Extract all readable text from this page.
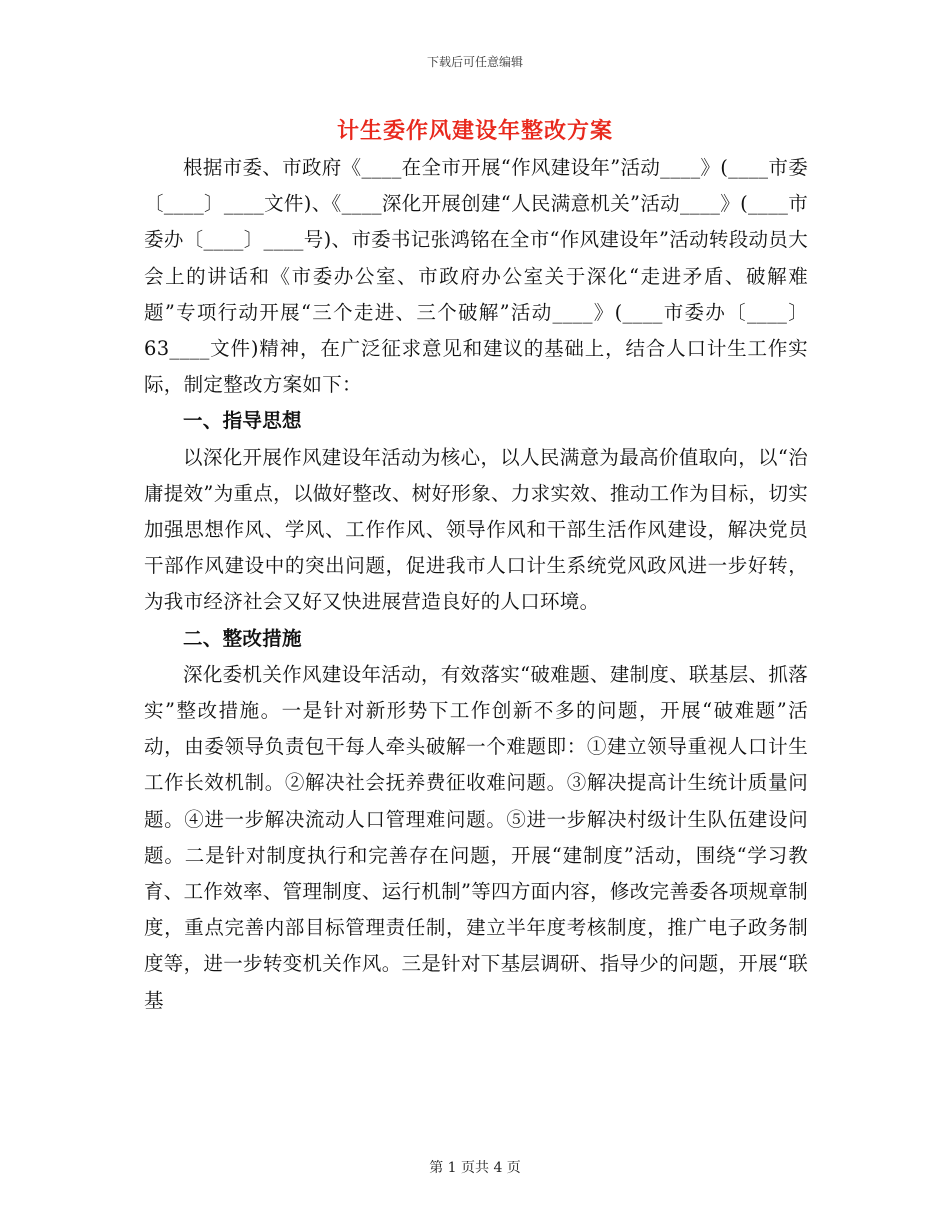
下载后可任意编辑
计生委作风建设年整改方案

根据市委、市政府《____在全市开展“作风建设年”活动____》(____市委〔____〕____文件)、《____深化开展创建“人民满意机关”活动____》(____市委办〔____〕____号)、市委书记张鸿铭在全市“作风建设年”活动转段动员大会上的讲话和《市委办公室、市政府办公室关于深化“走进矛盾、破解难题”专项行动开展“三个走进、三个破解”活动____》(____市委办〔____〕63____文件)精神，在广泛征求意见和建议的基础上，结合人口计生工作实际，制定整改方案如下：

一、指导思想

以深化开展作风建设年活动为核心，以人民满意为最高价值取向，以“治庸提效”为重点，以做好整改、树好形象、力求实效、推动工作为目标，切实加强思想作风、学风、工作作风、领导作风和干部生活作风建设，解决党员干部作风建设中的突出问题，促进我市人口计生系统党风政风进一步好转，为我市经济社会又好又快进展营造良好的人口环境。

二、整改措施

深化委机关作风建设年活动，有效落实“破难题、建制度、联基层、抓落实”整改措施。一是针对新形势下工作创新不多的问题，开展“破难题”活动，由委领导负责包干每人牵头破解一个难题即：①建立领导重视人口计生工作长效机制。②解决社会抚养费征收难问题。③解决提高计生统计质量问题。④进一步解决流动人口管理难问题。⑤进一步解决村级计生队伍建设问题。二是针对制度执行和完善存在问题，开展“建制度”活动，围绕“学习教育、工作效率、管理制度、运行机制”等四方面内容，修改完善委各项规章制度，重点完善内部目标管理责任制，建立半年度考核制度，推广电子政务制度等，进一步转变机关作风。三是针对下基层调研、指导少的问题，开展“联基

第 1 页共 4 页
